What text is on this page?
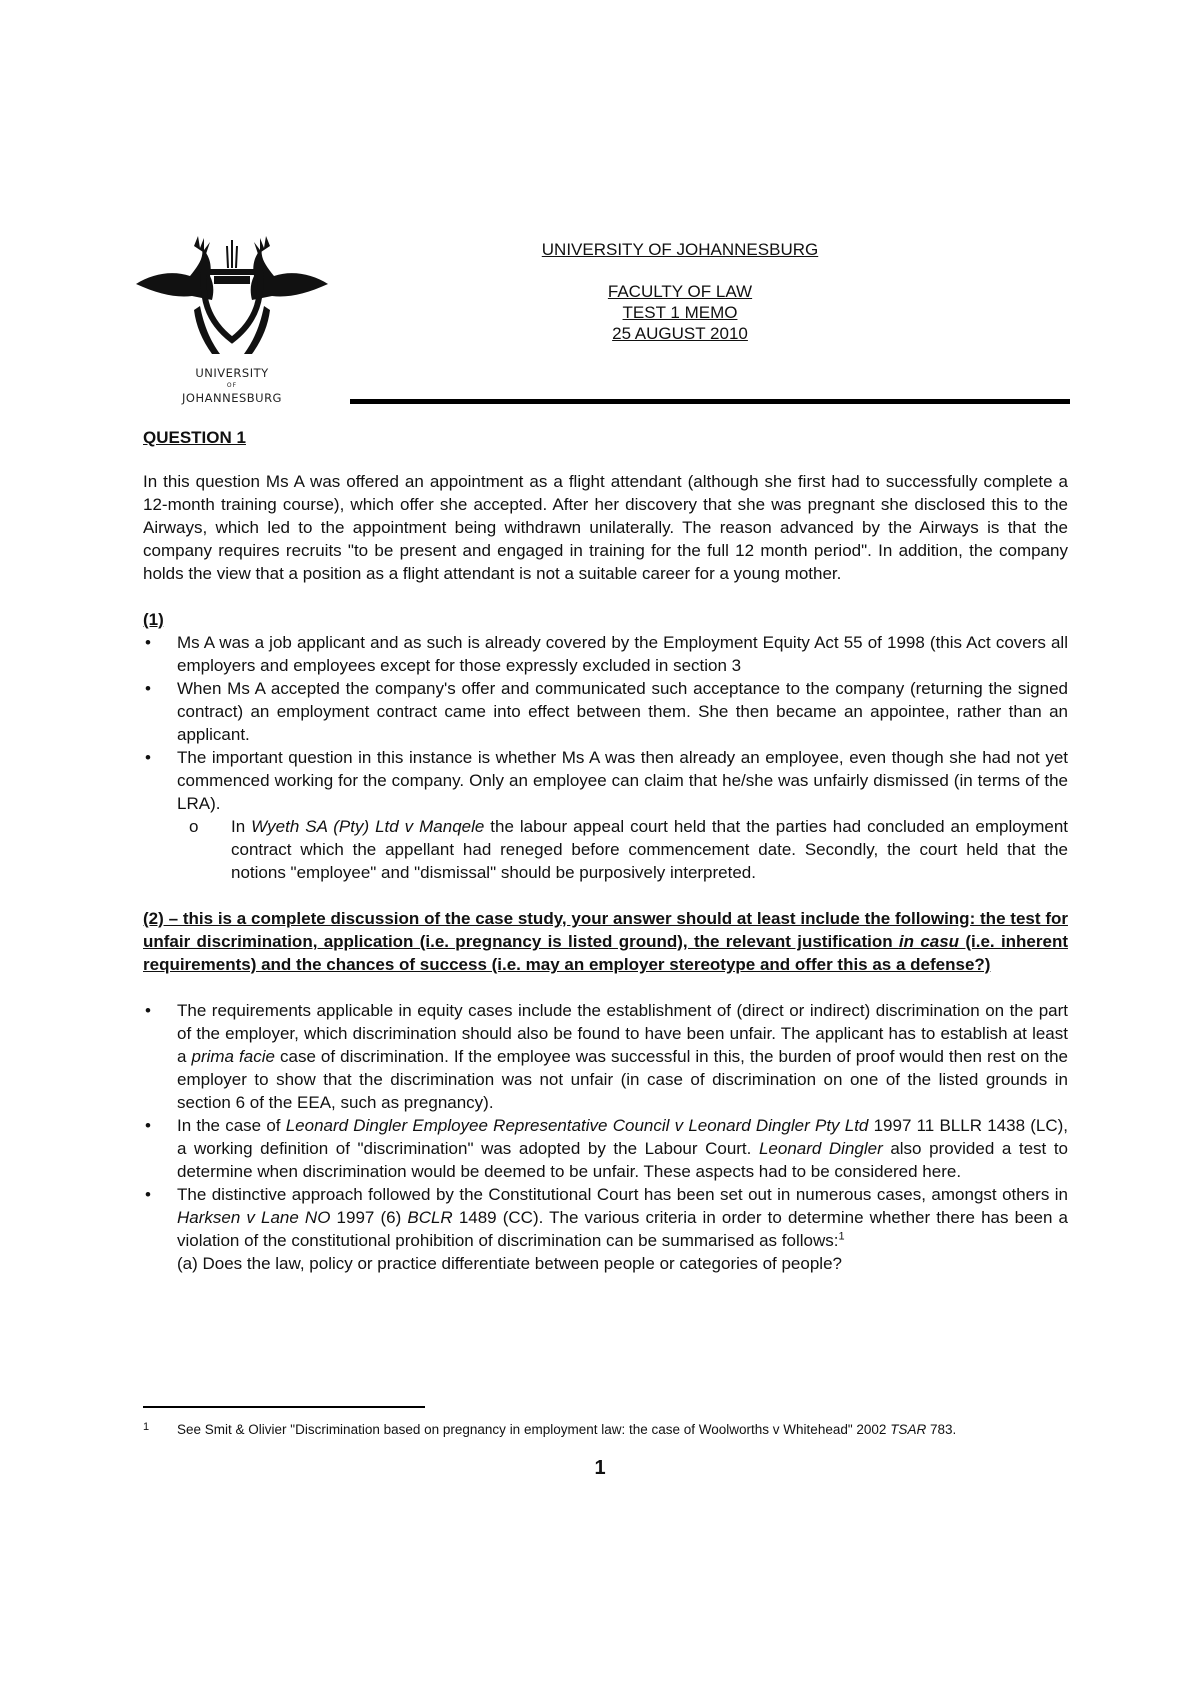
UNIVERSITY
OF
JOHANNESBURG
UNIVERSITY OF JOHANNESBURG
FACULTY OF LAW
TEST 1 MEMO
25 AUGUST 2010
QUESTION 1

In this question Ms A was offered an appointment as a flight attendant (although she first had to successfully complete a 12-month training course), which offer she accepted. After her discovery that she was pregnant she disclosed this to the Airways, which led to the appointment being withdrawn unilaterally. The reason advanced by the Airways is that the company requires recruits "to be present and engaged in training for the full 12 month period". In addition, the company holds the view that a position as a flight attendant is not a suitable career for a young mother.

(1)
• Ms A was a job applicant and as such is already covered by the Employment Equity Act 55 of 1998 (this Act covers all employers and employees except for those expressly excluded in section 3
• When Ms A accepted the company's offer and communicated such acceptance to the company (returning the signed contract) an employment contract came into effect between them. She then became an appointee, rather than an applicant.
• The important question in this instance is whether Ms A was then already an employee, even though she had not yet commenced working for the company. Only an employee can claim that he/she was unfairly dismissed (in terms of the LRA).
o In Wyeth SA (Pty) Ltd v Manqele the labour appeal court held that the parties had concluded an employment contract which the appellant had reneged before commencement date. Secondly, the court held that the notions "employee" and "dismissal" should be purposively interpreted.

(2) – this is a complete discussion of the case study, your answer should at least include the following: the test for unfair discrimination, application (i.e. pregnancy is listed ground), the relevant justification in casu (i.e. inherent requirements) and the chances of success (i.e. may an employer stereotype and offer this as a defense?)

• The requirements applicable in equity cases include the establishment of (direct or indirect) discrimination on the part of the employer, which discrimination should also be found to have been unfair. The applicant has to establish at least a prima facie case of discrimination. If the employee was successful in this, the burden of proof would then rest on the employer to show that the discrimination was not unfair (in case of discrimination on one of the listed grounds in section 6 of the EEA, such as pregnancy).
• In the case of Leonard Dingler Employee Representative Council v Leonard Dingler Pty Ltd 1997 11 BLLR 1438 (LC), a working definition of "discrimination" was adopted by the Labour Court. Leonard Dingler also provided a test to determine when discrimination would be deemed to be unfair. These aspects had to be considered here.
• The distinctive approach followed by the Constitutional Court has been set out in numerous cases, amongst others in Harksen v Lane NO 1997 (6) BCLR 1489 (CC). The various criteria in order to determine whether there has been a violation of the constitutional prohibition of discrimination can be summarised as follows:$^1$
(a) Does the law, policy or practice differentiate between people or categories of people?
1	See Smit & Olivier "Discrimination based on pregnancy in employment law: the case of Woolworths v Whitehead" 2002 TSAR 783.
1
